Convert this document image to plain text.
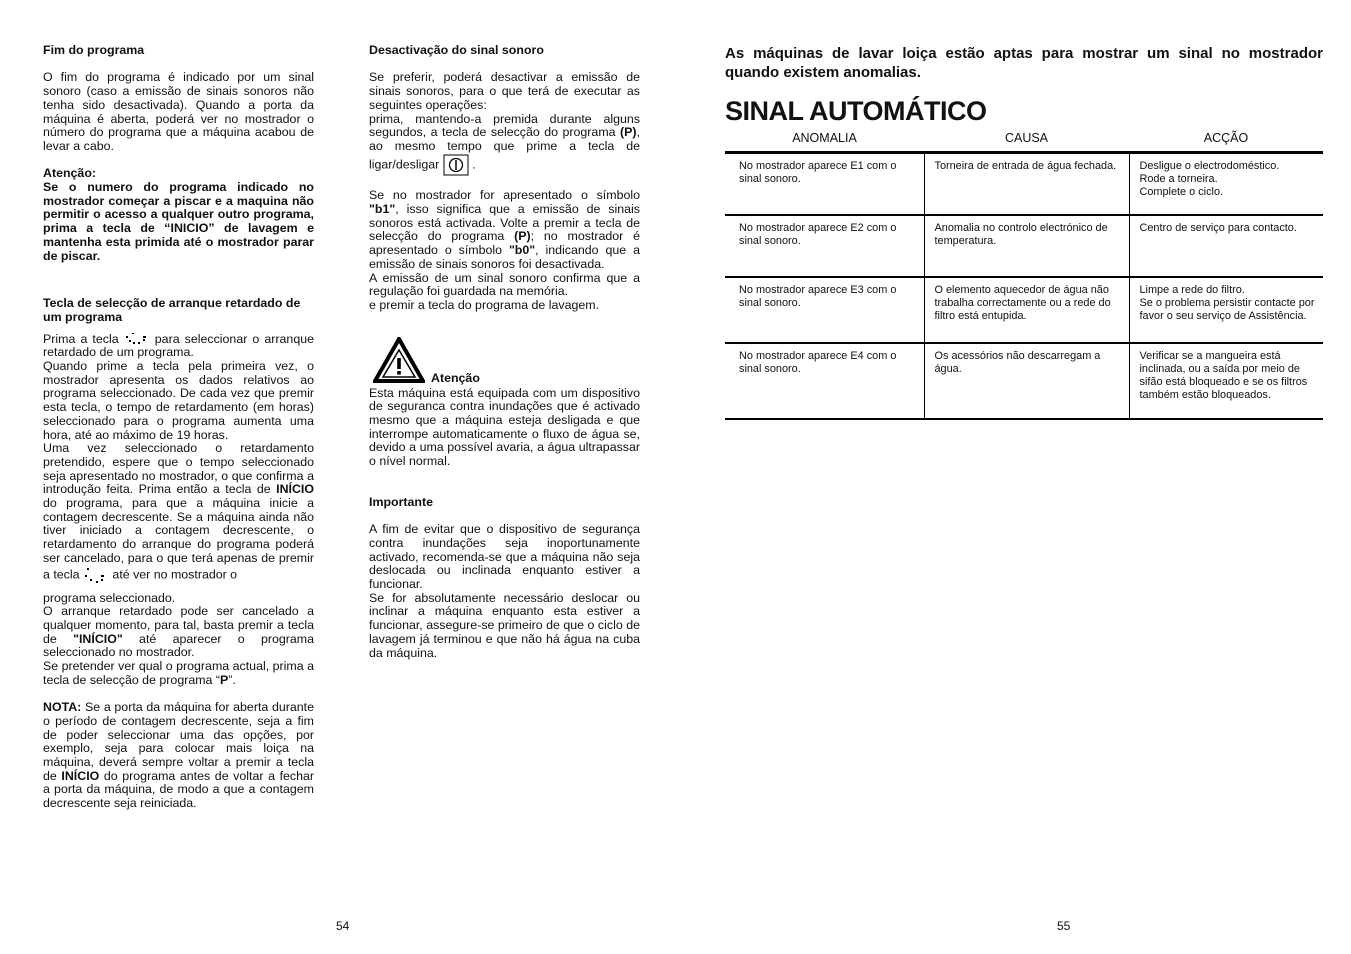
Fim do programa

O fim do programa é indicado por um sinal sonoro (caso a emissão de sinais sonoros não tenha sido desactivada). Quando a porta da máquina é aberta, poderá ver no mostrador o número do programa que a máquina acabou de levar a cabo.

Atenção:

Se o numero do programa indicado no mostrador começar a piscar e a maquina não permitir o acesso a qualquer outro programa, prima a tecla de “INICIO” de lavagem e mantenha esta primida até o mostrador parar de piscar.

Tecla de selecção de arranque retardado de um programa

Prima a tecla	para seleccionar o arranque retardado de um programa.

Quando prime a tecla pela primeira vez, o mostrador apresenta os dados relativos ao programa seleccionado. De cada vez que premir esta tecla, o tempo de retardamento (em horas) seleccionado para o programa aumenta uma hora, até ao máximo de 19 horas.

Uma vez seleccionado o retardamento pretendido, espere que o tempo seleccionado seja apresentado no mostrador, o que confirma a introdução feita. Prima então a tecla de INÍCIO do programa, para que a máquina inicie a contagem decrescente. Se a máquina ainda não tiver iniciado a contagem decrescente, o retardamento do arranque do programa poderá ser cancelado, para o que terá apenas de premir a tecla	até ver no mostrador o

programa seleccionado.

O arranque retardado pode ser cancelado a qualquer momento, para tal, basta premir a tecla de "INÍCIO" até aparecer o programa seleccionado no mostrador.

Se pretender ver qual o programa actual, prima a tecla de selecção de programa “P”.

NOTA: Se a porta da máquina for aberta durante o período de contagem decrescente, seja a fim de poder seleccionar uma das opções, por exemplo, seja para colocar mais loiça na máquina, deverá sempre voltar a premir a tecla de INÍCIO do programa antes de voltar a fechar a porta da máquina, de modo a que a contagem decrescente seja reiniciada.

Desactivação do sinal sonoro

Se preferir, poderá desactivar a emissão de sinais sonoros, para o que terá de executar as seguintes operações:

prima, mantendo-a premida durante alguns segundos, a tecla de selecção do programa (P), ao mesmo tempo que prime a tecla de ligar/desligar	.

Se no mostrador for apresentado o símbolo "b1", isso significa que a emissão de sinais sonoros está activada. Volte a premir a tecla de selecção do programa (P); no mostrador é apresentado o símbolo "b0", indicando que a emissão de sinais sonoros foi desactivada.

A emissão de um sinal sonoro confirma que a regulação foi guardada na memória.

e premir a tecla do programa de lavagem.

Atenção

Esta máquina está equipada com um dispositivo de seguranca contra inundações que é activado mesmo que a máquina esteja desligada e que interrompe automaticamente o fluxo de água se, devido a uma possível avaria, a água ultrapassar o nível normal.

Importante

A fim de evitar que o dispositivo de segurança contra inundações seja inoportunamente activado, recomenda-se que a máquina não seja deslocada ou inclinada enquanto estiver a funcionar.

Se for absolutamente necessário deslocar ou inclinar a máquina enquanto esta estiver a funcionar, assegure-se primeiro de que o ciclo de lavagem já terminou e que não há água na cuba da máquina.

54

As máquinas de lavar loiça estão aptas para mostrar um sinal no mostrador quando existem anomalias.

SINAL AUTOMÁTICO

ANOMALIA	CAUSA	ACÇÃO
No mostrador aparece E1 com o sinal sonoro.	Torneira de entrada de água fechada.	Desligue o electrodoméstico.
Rode a torneira.
Complete o ciclo.
No mostrador aparece E2 com o sinal sonoro.	Anomalia no controlo electrónico de temperatura.	Centro de serviço para contacto.
No mostrador aparece E3 com o sinal sonoro.	O elemento aquecedor de água não trabalha correctamente ou a rede do filtro está entupida.	Limpe a rede do filtro.
Se o problema persistir contacte por favor o seu serviço de Assistência.
No mostrador aparece E4 com o sinal sonoro.	Os acessórios não descarregam a água.	Verificar se a mangueira está inclinada, ou a saída por meio de sifão está bloqueado e se os filtros também estão bloqueados.
55
